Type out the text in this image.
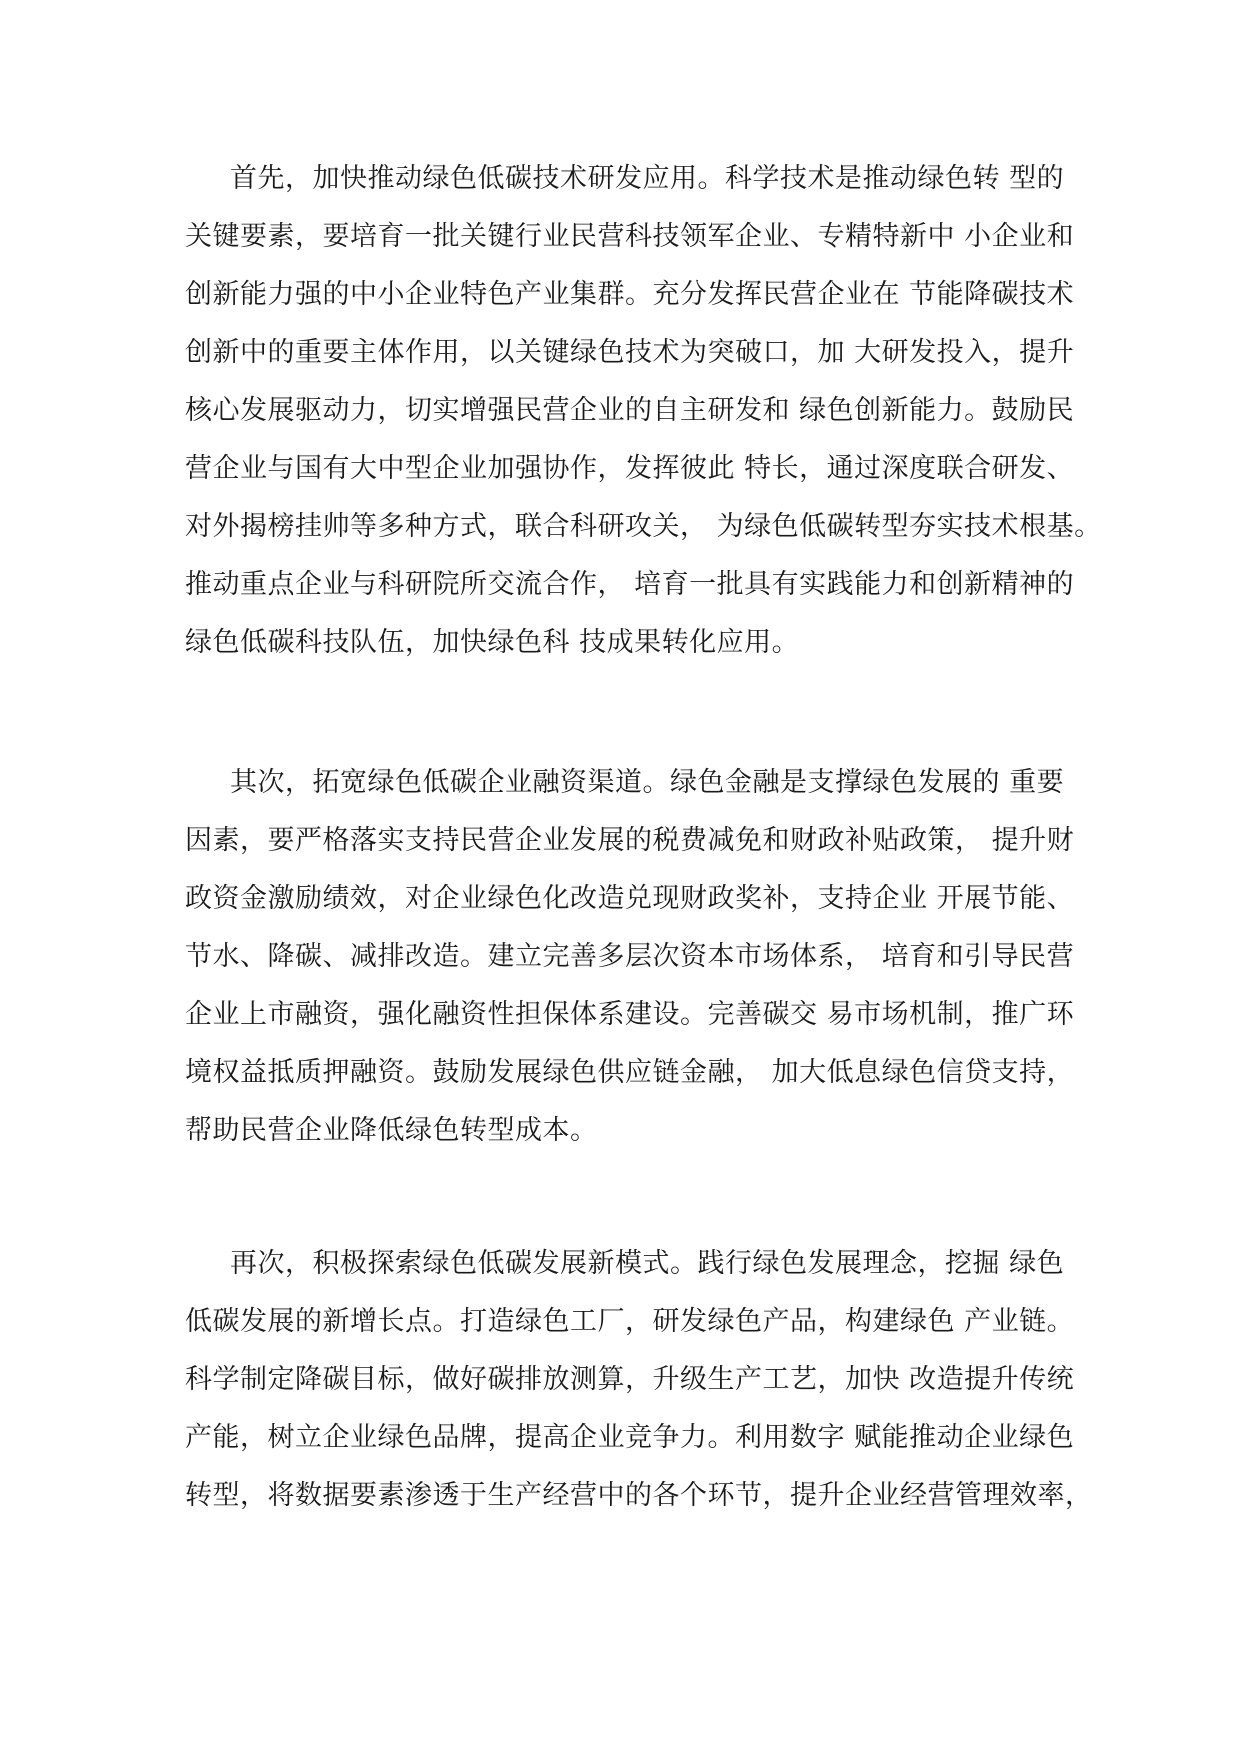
首先，加快推动绿色低碳技术研发应用。科学技术是推动绿色转 型的
关键要素，要培育一批关键行业民营科技领军企业、专精特新中 小企业和
创新能力强的中小企业特色产业集群。充分发挥民营企业在 节能降碳技术
创新中的重要主体作用，以关键绿色技术为突破口，加 大研发投入，提升
核心发展驱动力，切实增强民营企业的自主研发和 绿色创新能力。鼓励民
营企业与国有大中型企业加强协作，发挥彼此 特长，通过深度联合研发、
对外揭榜挂帅等多种方式，联合科研攻关， 为绿色低碳转型夯实技术根基。
推动重点企业与科研院所交流合作， 培育一批具有实践能力和创新精神的
绿色低碳科技队伍，加快绿色科 技成果转化应用。

其次，拓宽绿色低碳企业融资渠道。绿色金融是支撑绿色发展的 重要
因素，要严格落实支持民营企业发展的税费减免和财政补贴政策， 提升财
政资金激励绩效，对企业绿色化改造兑现财政奖补，支持企业 开展节能、
节水、降碳、减排改造。建立完善多层次资本市场体系， 培育和引导民营
企业上市融资，强化融资性担保体系建设。完善碳交 易市场机制，推广环
境权益抵质押融资。鼓励发展绿色供应链金融， 加大低息绿色信贷支持，
帮助民营企业降低绿色转型成本。

再次，积极探索绿色低碳发展新模式。践行绿色发展理念，挖掘 绿色
低碳发展的新增长点。打造绿色工厂，研发绿色产品，构建绿色 产业链。
科学制定降碳目标，做好碳排放测算，升级生产工艺，加快 改造提升传统
产能，树立企业绿色品牌，提高企业竞争力。利用数字 赋能推动企业绿色
转型，将数据要素渗透于生产经营中的各个环节，提升企业经营管理效率，
